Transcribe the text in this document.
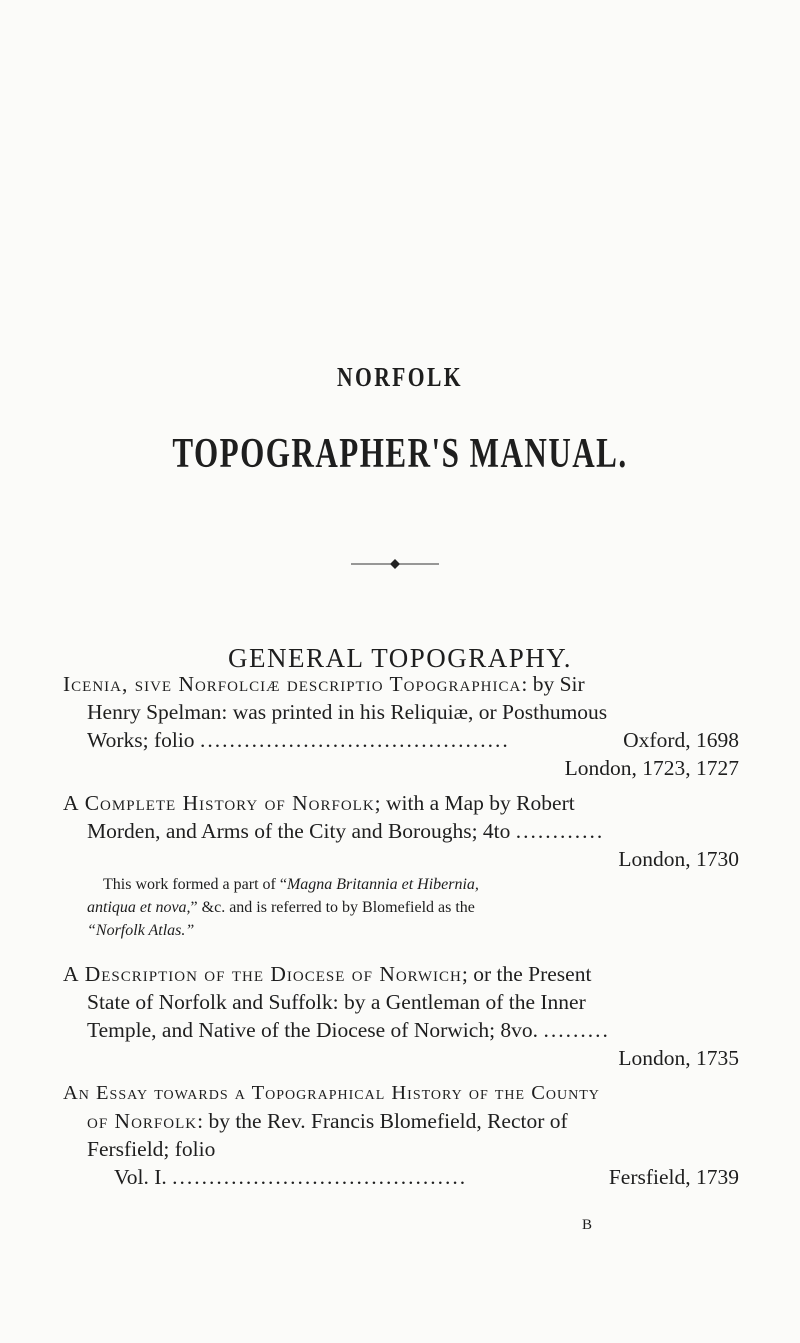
NORFOLK
TOPOGRAPHER'S MANUAL.
GENERAL TOPOGRAPHY.
Icenia, sive Norfolciæ descriptio Topographica: by Sir
Henry Spelman: was printed in his Reliquiæ, or Posthumous
Works; folio ..........................................	Oxford, 1698
London, 1723, 1727
A Complete History of Norfolk; with a Map by Robert
Morden, and Arms of the City and Boroughs; 4to ............
London, 1730
This work formed a part of “Magna Britannia et Hibernia,
antiqua et nova,” &c. and is referred to by Blomefield as the
“Norfolk Atlas.”
A Description of the Diocese of Norwich; or the Present
State of Norfolk and Suffolk: by a Gentleman of the Inner
Temple, and Native of the Diocese of Norwich; 8vo. .........
London, 1735
An Essay towards a Topographical History of the County
of Norfolk: by the Rev. Francis Blomefield, Rector of
Fersfield; folio
Vol. I. ........................................	Fersfield, 1739
B
